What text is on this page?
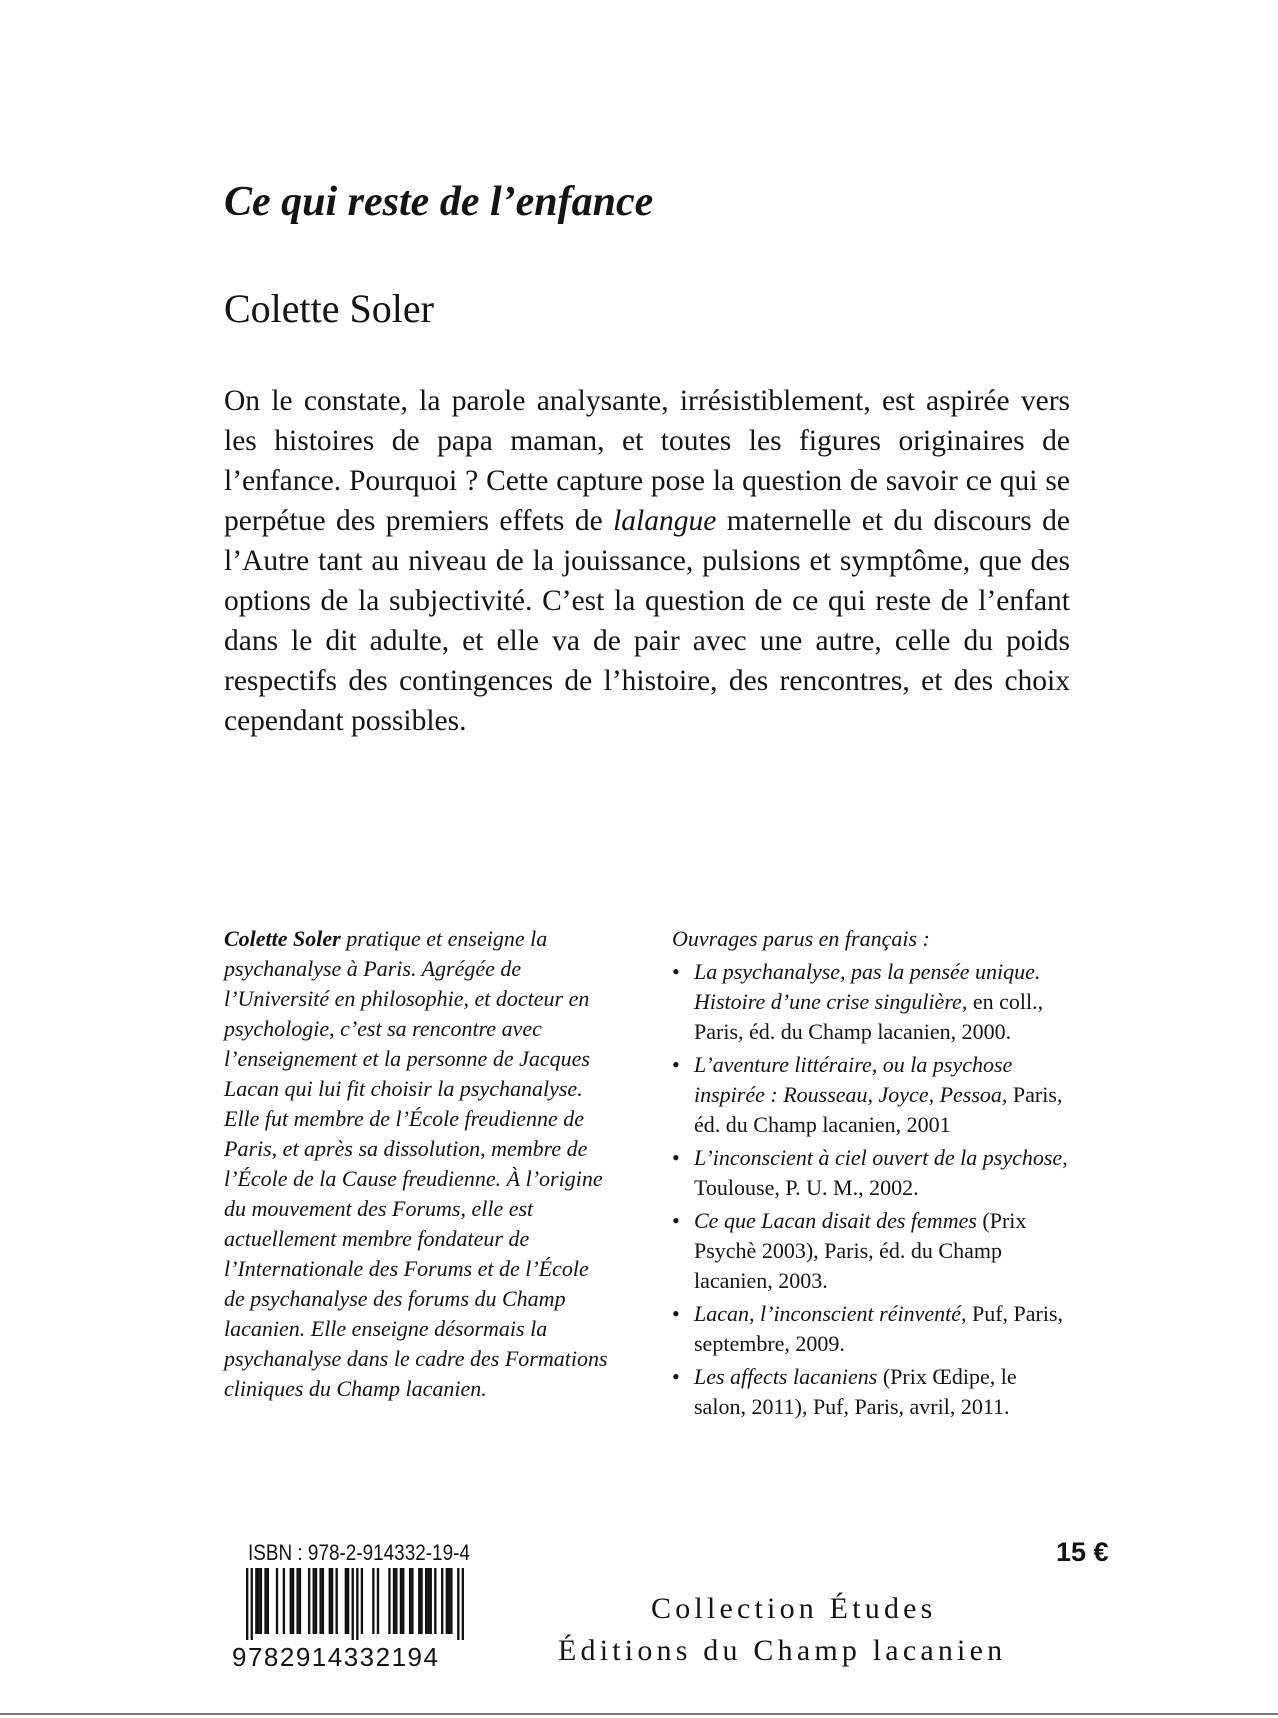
Ce qui reste de l’enfance
Colette Soler

On le constate, la parole analysante, irrésistiblement, est aspirée vers les histoires de papa maman, et toutes les figures originaires de l’enfance. Pourquoi ? Cette capture pose la question de savoir ce qui se perpétue des premiers effets de lalangue maternelle et du discours de l’Autre tant au niveau de la jouissance, pulsions et symptôme, que des options de la subjectivité. C’est la question de ce qui reste de l’enfant dans le dit adulte, et elle va de pair avec une autre, celle du poids respectifs des contingences de l’histoire, des rencontres, et des choix cependant possibles.

Colette Soler pratique et enseigne la psychanalyse à Paris. Agrégée de l’Université en philosophie, et docteur en psychologie, c’est sa rencontre avec l’enseignement et la personne de Jacques Lacan qui lui fit choisir la psychanalyse. Elle fut membre de l’École freudienne de Paris, et après sa dissolution, membre de l’École de la Cause freudienne. À l’origine du mouvement des Forums, elle est actuellement membre fondateur de l’Internationale des Forums et de l’École de psychanalyse des forums du Champ lacanien. Elle enseigne désormais la psychanalyse dans le cadre des Formations cliniques du Champ lacanien.
Ouvrages parus en français :
• La psychanalyse, pas la pensée unique. Histoire d’une crise singulière, en coll., Paris, éd. du Champ lacanien, 2000.
• L’aventure littéraire, ou la psychose inspirée : Rousseau, Joyce, Pessoa, Paris, éd. du Champ lacanien, 2001
• L’inconscient à ciel ouvert de la psychose, Toulouse, P. U. M., 2002.
• Ce que Lacan disait des femmes (Prix Psychè 2003), Paris, éd. du Champ lacanien, 2003.
• Lacan, l’inconscient réinventé, Puf, Paris, septembre, 2009.
• Les affects lacaniens (Prix Œdipe, le salon, 2011), Puf, Paris, avril, 2011.
ISBN : 978-2-914332-19-4
9782914332194
15 €
Collection Études
Éditions du Champ lacanien
